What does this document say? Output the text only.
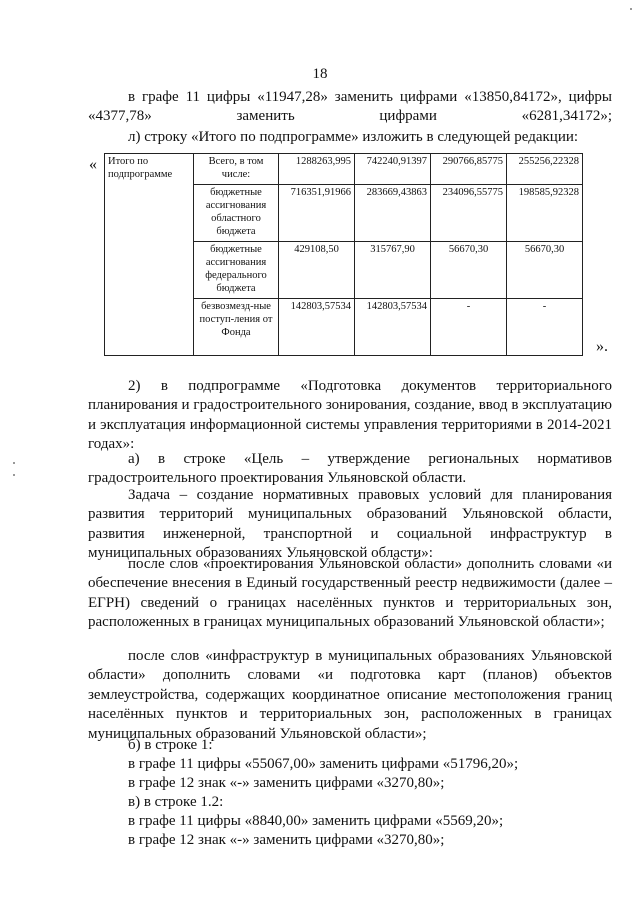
18

в графе 11 цифры «11947,28» заменить цифрами «13850,84172», цифры «4377,78» заменить цифрами «6281,34172»;

л) строку «Итого по подпрограмме» изложить в следующей редакции:

« Итого по подпрограмме	Всего, в том числе:	1288263,995	742240,91397	290766,85775	255256,22328
	бюджетные ассигнования областного бюджета	716351,91966	283669,43863	234096,55775	198585,92328
	бюджетные ассигнования федерального бюджета	429108,50	315767,90	56670,30	56670,30
	безвозмезд-ные поступ-ления от Фонда	142803,57534	142803,57534	-	-
».

2) в подпрограмме «Подготовка документов территориального планирования и градостроительного зонирования, создание, ввод в эксплуатацию и эксплуатация информационной системы управления территориями в 2014-2021 годах»:

а) в строке «Цель – утверждение региональных нормативов градостроительного проектирования Ульяновской области.

Задача – создание нормативных правовых условий для планирования развития территорий муниципальных образований Ульяновской области, развития инженерной, транспортной и социальной инфраструктур в муниципальных образованиях Ульяновской области»:

после слов «проектирования Ульяновской области» дополнить словами «и обеспечение внесения в Единый государственный реестр недвижимости (далее – ЕГРН) сведений о границах населённых пунктов и территориальных зон, расположенных в границах муниципальных образований Ульяновской области»;

после слов «инфраструктур в муниципальных образованиях Ульяновской области» дополнить словами «и подготовка карт (планов) объектов землеустройства, содержащих координатное описание местоположения границ населённых пунктов и территориальных зон, расположенных в границах муниципальных образований Ульяновской области»;

б) в строке 1:

в графе 11 цифры «55067,00» заменить цифрами «51796,20»;

в графе 12 знак «-» заменить цифрами «3270,80»;

в) в строке 1.2:

в графе 11 цифры «8840,00» заменить цифрами «5569,20»;

в графе 12 знак «-» заменить цифрами «3270,80»;
